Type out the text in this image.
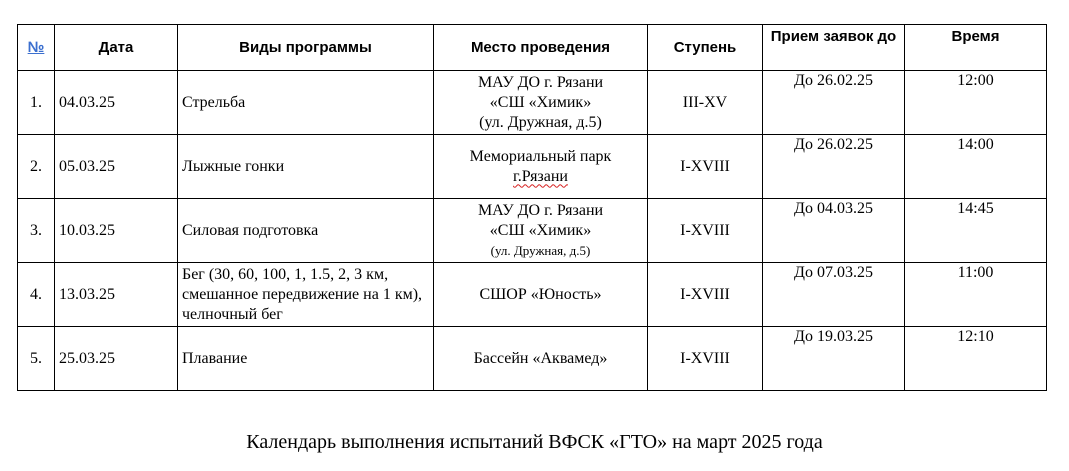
№	Дата	Виды программы	Место проведения	Ступень	Прием заявок до	Время
1.	04.03.25	Стрельба	МАУ ДО г. Рязани
«СШ «Химик»
(ул. Дружная, д.5)	III-XV	До 26.02.25	12:00
2.	05.03.25	Лыжные гонки	Мемориальный парк
г.Рязани	I-XVIII	До 26.02.25	14:00
3.	10.03.25	Силовая подготовка	МАУ ДО г. Рязани
«СШ «Химик»
(ул. Дружная, д.5)	I-XVIII	До 04.03.25	14:45
4.	13.03.25	Бег (30, 60, 100, 1, 1.5, 2, 3 км, смешанное передвижение на 1 км), челночный бег	СШОР «Юность»	I-XVIII	До 07.03.25	11:00
5.	25.03.25	Плавание	Бассейн «Аквамед»	I-XVIII	До 19.03.25	12:10
Календарь выполнения испытаний ВФСК «ГТО» на март 2025 года
